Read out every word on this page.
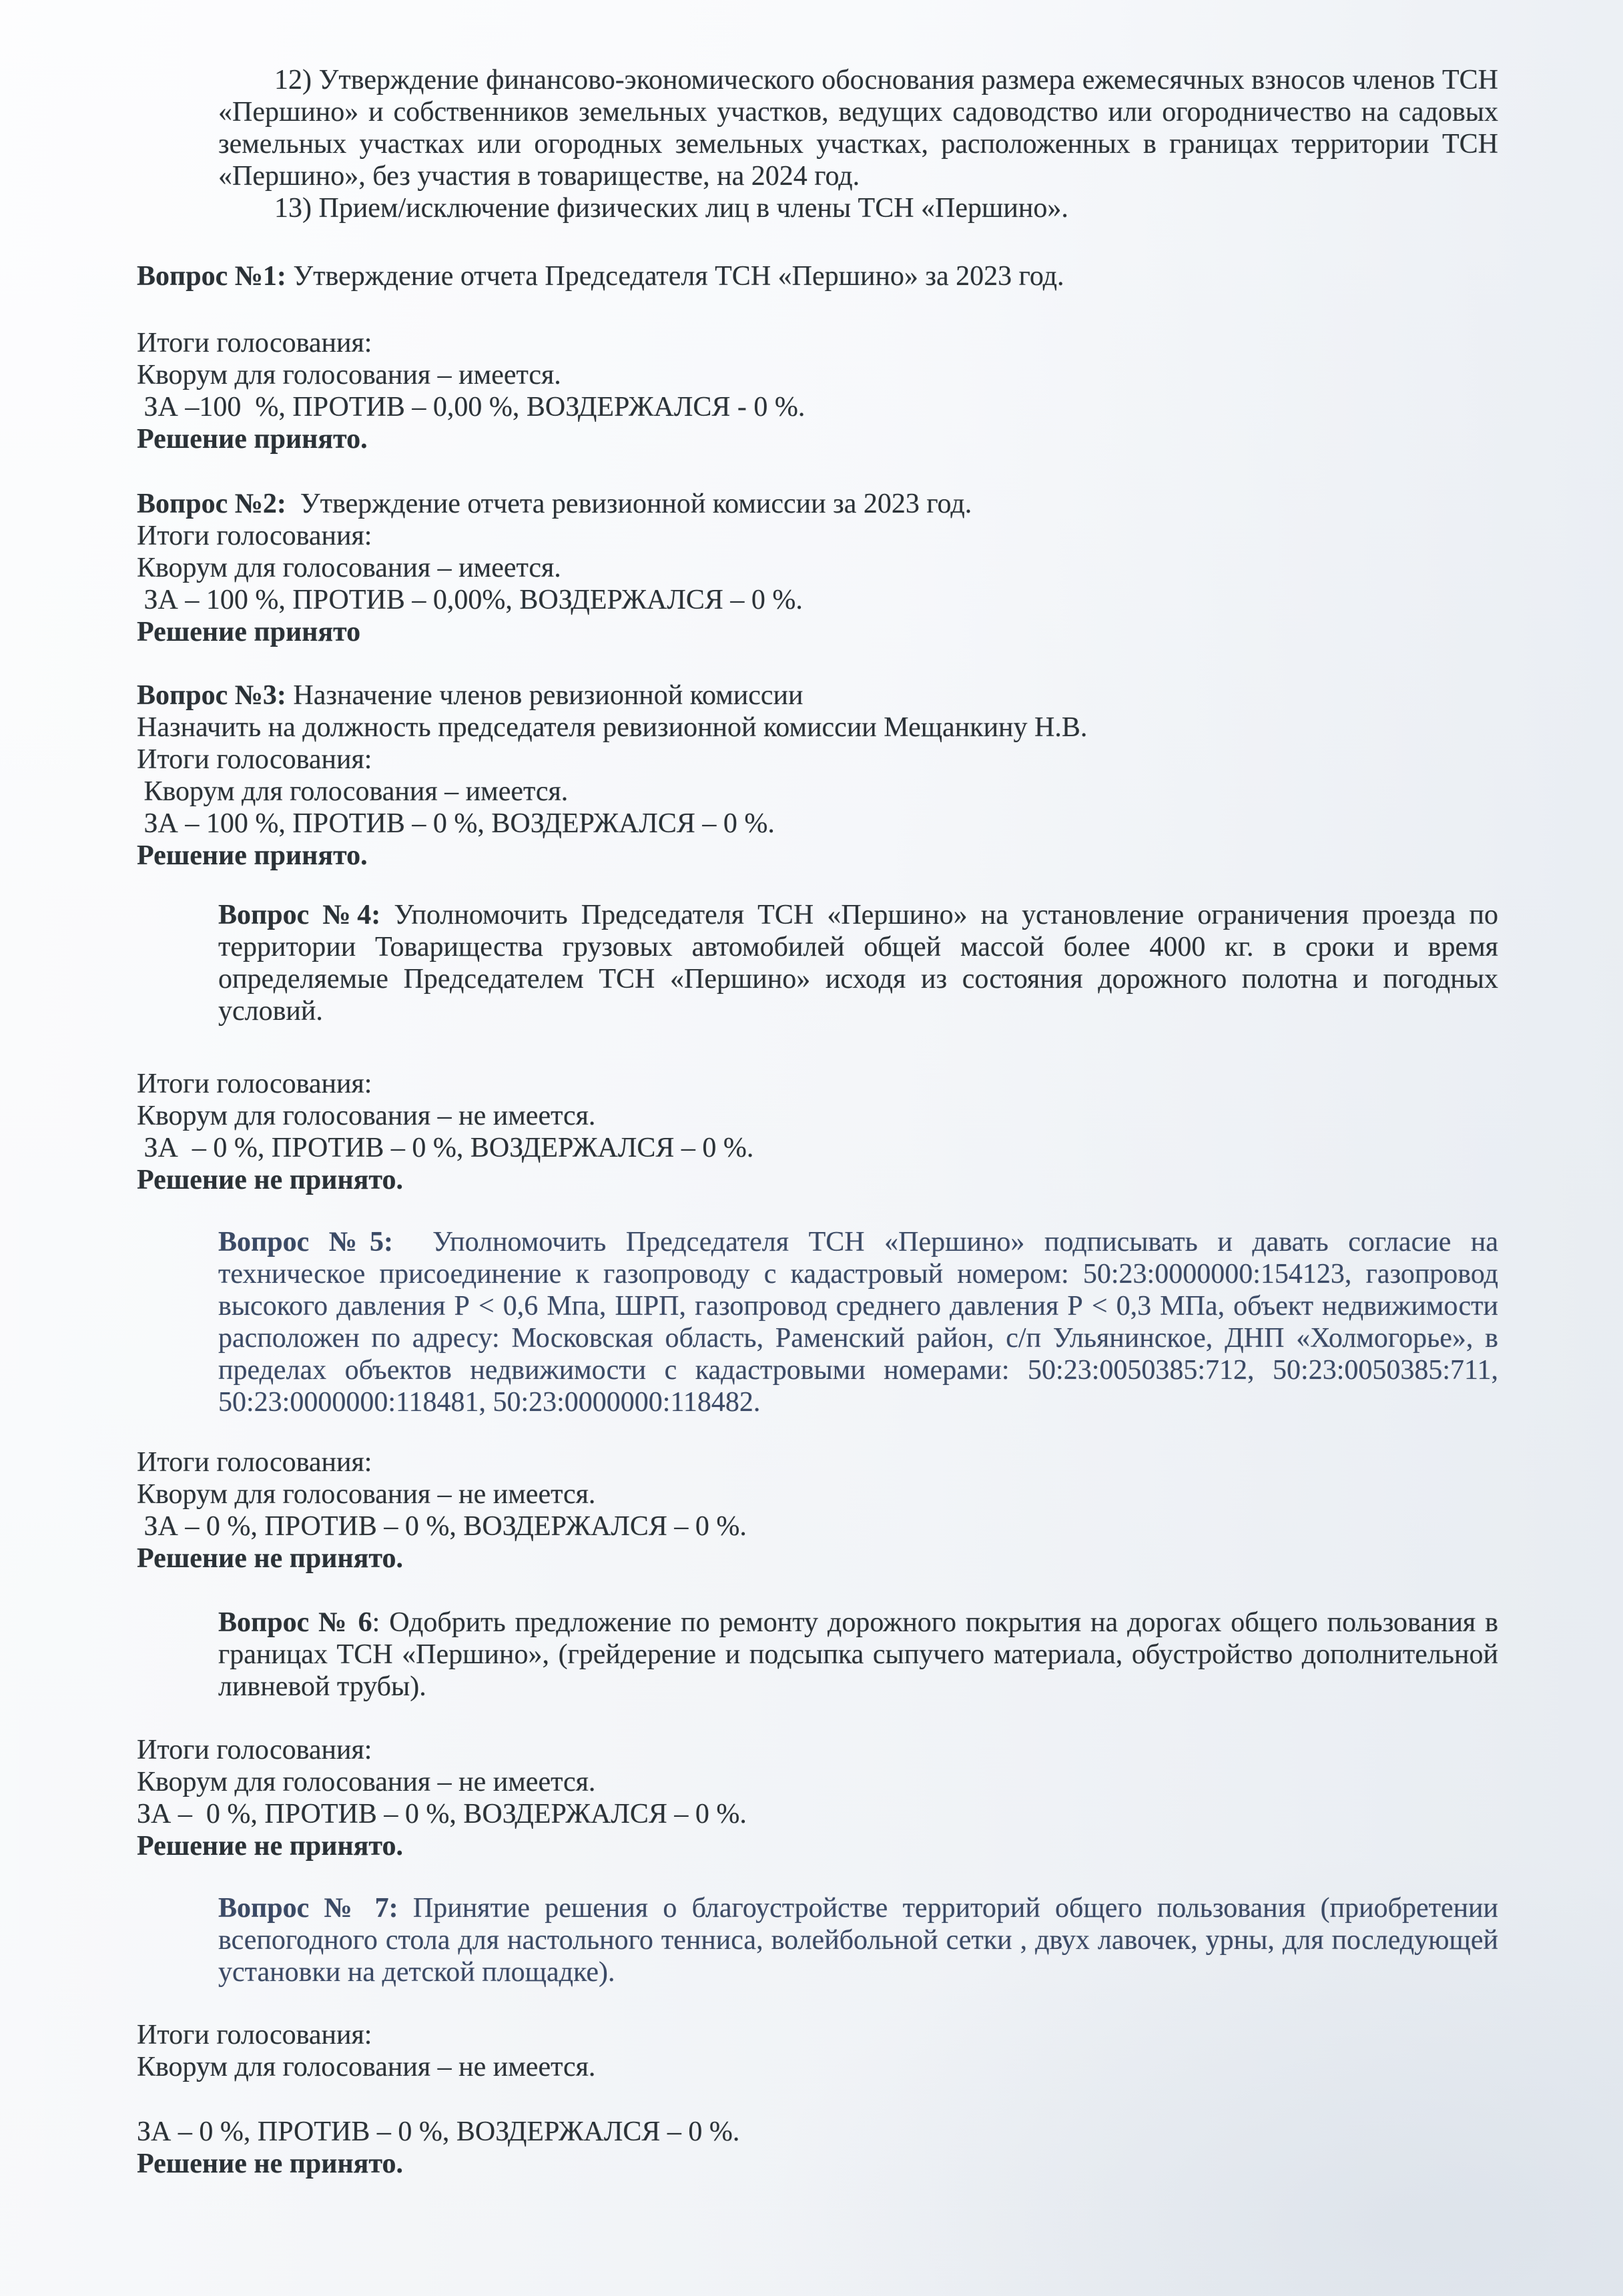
12) Утверждение финансово-экономического обоснования размера ежемесячных взносов членов ТСН «Першино» и собственников земельных участков, ведущих садоводство или огородничество на садовых земельных участках или огородных земельных участках, расположенных в границах территории ТСН «Першино», без участия в товариществе, на 2024 год.

13) Прием/исключение физических лиц в члены ТСН «Першино».

Вопрос №1: Утверждение отчета Председателя ТСН «Першино» за 2023 год.

Итоги голосования:

Кворум для голосования – имеется.

ЗА –100  %, ПРОТИВ – 0,00 %, ВОЗДЕРЖАЛСЯ - 0 %.

Решение принято.

Вопрос №2:  Утверждение отчета ревизионной комиссии за 2023 год.

Итоги голосования:

Кворум для голосования – имеется.

ЗА – 100 %, ПРОТИВ – 0,00%, ВОЗДЕРЖАЛСЯ – 0 %.

Решение принято

Вопрос №3: Назначение членов ревизионной комиссии

Назначить на должность председателя ревизионной комиссии Мещанкину Н.В.

Итоги голосования:

Кворум для голосования – имеется.

ЗА – 100 %, ПРОТИВ – 0 %, ВОЗДЕРЖАЛСЯ – 0 %.

Решение принято.

Вопрос №4: Уполномочить Председателя ТСН «Першино» на установление ограничения проезда по территории Товарищества грузовых автомобилей общей массой более 4000 кг. в сроки и время определяемые Председателем ТСН «Першино» исходя из состояния дорожного полотна и погодных условий.

Итоги голосования:

Кворум для голосования – не имеется.

ЗА  – 0 %, ПРОТИВ – 0 %, ВОЗДЕРЖАЛСЯ – 0 %.

Решение не принято.

Вопрос №5:  Уполномочить Председателя ТСН «Першино» подписывать и давать согласие на техническое присоединение к газопроводу с кадастровый номером: 50:23:0000000:154123, газопровод высокого давления Р < 0,6 Мпа, ШРП, газопровод среднего давления Р < 0,3 МПа, объект недвижимости расположен по адресу: Московская область, Раменский район, с/п Ульянинское, ДНП «Холмогорье», в пределах объектов недвижимости с кадастровыми номерами: 50:23:0050385:712, 50:23:0050385:711, 50:23:0000000:118481, 50:23:0000000:118482.

Итоги голосования:

Кворум для голосования – не имеется.

ЗА – 0 %, ПРОТИВ – 0 %, ВОЗДЕРЖАЛСЯ – 0 %.

Решение не принято.

Вопрос № 6: Одобрить предложение по ремонту дорожного покрытия на дорогах общего пользования в границах ТСН «Першино», (грейдерение и подсыпка сыпучего материала, обустройство дополнительной ливневой трубы).

Итоги голосования:

Кворум для голосования – не имеется.

ЗА –  0 %, ПРОТИВ – 0 %, ВОЗДЕРЖАЛСЯ – 0 %.

Решение не принято.

Вопрос № 7: Принятие решения о благоустройстве территорий общего пользования (приобретении всепогодного стола для настольного тенниса, волейбольной сетки , двух лавочек, урны, для последующей установки на детской площадке).

Итоги голосования:

Кворум для голосования – не имеется.

ЗА – 0 %, ПРОТИВ – 0 %, ВОЗДЕРЖАЛСЯ – 0 %.

Решение не принято.
